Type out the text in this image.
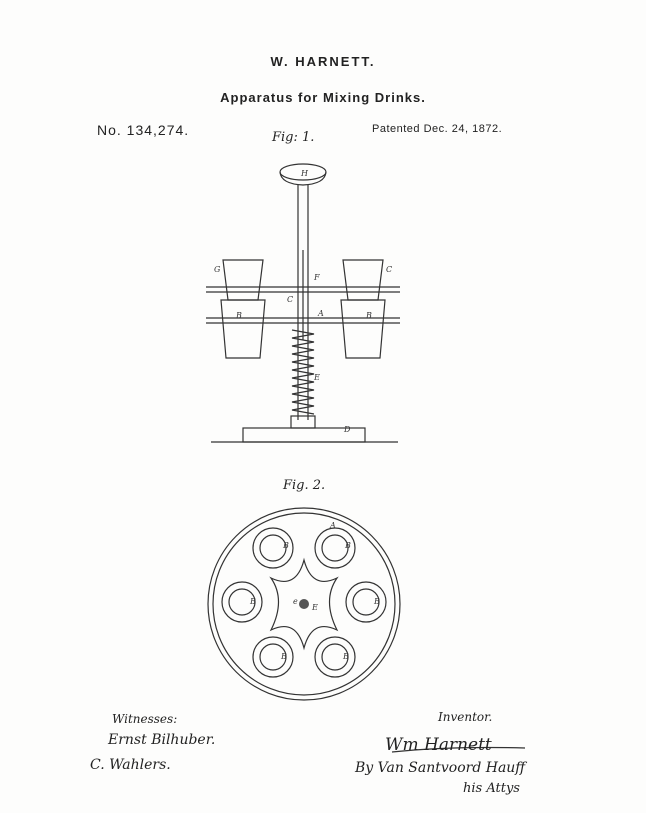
W. HARNETT.
Apparatus for Mixing Drinks.
No. 134,274.	Patented Dec. 24, 1872.
Fig: 1.
Fig. 2.
H
G	C
F
C
B	A	B
E
D
A
B	B
B	B
B	B
e
E
Witnesses:
Ernst Bilhuber.
C. Wahlers.
Inventor.
Wm Harnett
By Van Santvoord Hauff
his Attys
